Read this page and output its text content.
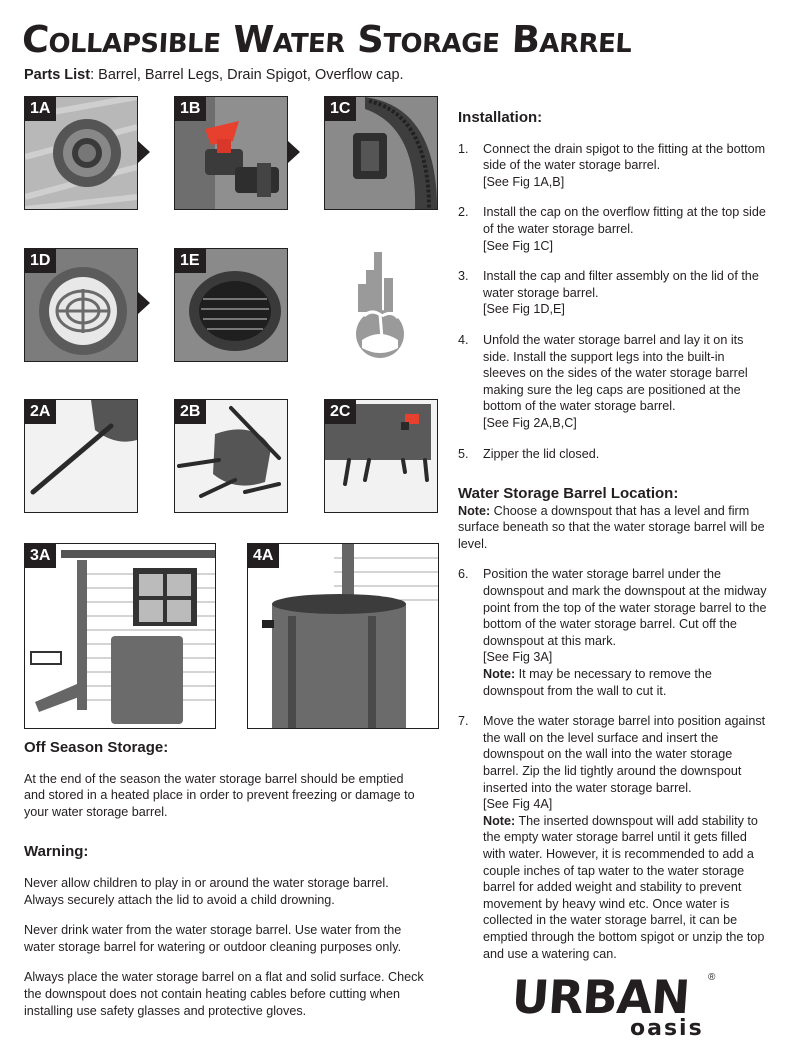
Collapsible Water Storage Barrel
Parts List: Barrel, Barrel Legs, Drain Spigot, Overflow cap.
1A	1B	1C
1D	1E
2A	2B	2C
3A	4A
Installation:
1.	Connect the drain spigot to the fitting at the bottom side of the water storage barrel.
[See Fig 1A,B]
2.	Install the cap on the overflow fitting at the top side of the water storage barrel.
[See Fig 1C]
3.	Install the cap and filter assembly on the lid of the water storage barrel.
[See Fig 1D,E]
4.	Unfold the water storage barrel and lay it on its side. Install the support legs into the built-in sleeves on the sides of the water storage barrel making sure the leg caps are positioned at the bottom of the water storage barrel.
[See Fig 2A,B,C]
5.	Zipper the lid closed.
Water Storage Barrel Location:

Note: Choose a downspout that has a level and firm surface beneath so that the water storage barrel will be level.

6.	Position the water storage barrel under the downspout and mark the downspout at the midway point from the top of the water storage barrel to the bottom of the water storage barrel. Cut off the downspout at this mark.
[See Fig 3A]
Note: It may be necessary to remove the downspout from the wall to cut it.
7.	Move the water storage barrel into position against the wall on the level surface and insert the downspout on the wall into the water storage barrel. Zip the lid tightly around the downspout inserted into the water storage barrel.
[See Fig 4A]
Note: The inserted downspout will add stability to the empty water storage barrel until it gets filled with water. However, it is recommended to add a couple inches of tap water to the water storage barrel for added weight and stability to prevent movement by heavy wind etc. Once water is collected in the water storage barrel, it can be emptied through the bottom spigot or unzip the top and use a watering can.
Off Season Storage:

At the end of the season the water storage barrel should be emptied and stored in a heated place in order to prevent freezing or damage to your water storage barrel.

Warning:

Never allow children to play in or around the water storage barrel. Always securely attach the lid to avoid a child drowning.

Never drink water from the water storage barrel. Use water from the water storage barrel for watering or outdoor cleaning purposes only.

Always place the water storage barrel on a flat and solid surface. Check the downspout does not contain heating cables before cutting when installing use safety glasses and protective gloves.	URBAN ®
oasis
